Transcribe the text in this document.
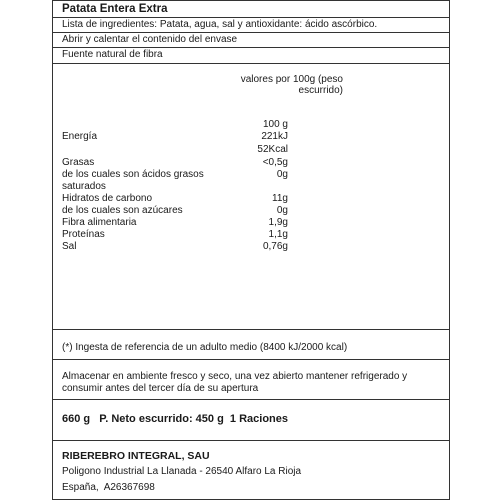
Patata Entera Extra
Lista de ingredientes: Patata, agua, sal y antioxidante: ácido ascórbico.
Abrir y calentar el contenido del envase
Fuente natural de fibra
valores por 100g (peso
escurrido)
100 g
Energía	221kJ
52Kcal
Grasas	<0,5g
de los cuales son ácidos grasos	0g
saturados
Hidratos de carbono	11g
de los cuales son azúcares	0g
Fibra alimentaria	1,9g
Proteínas	1,1g
Sal	0,76g
(*) Ingesta de referencia de un adulto medio (8400 kJ/2000 kcal)
Almacenar en ambiente fresco y seco, una vez abierto mantener refrigerado y consumir antes del tercer día de su apertura
660 g   P. Neto escurrido: 450 g  1 Raciones
RIBEREBRO INTEGRAL, SAU
Poligono Industrial La Llanada - 26540 Alfaro La Rioja
España,  A26367698
